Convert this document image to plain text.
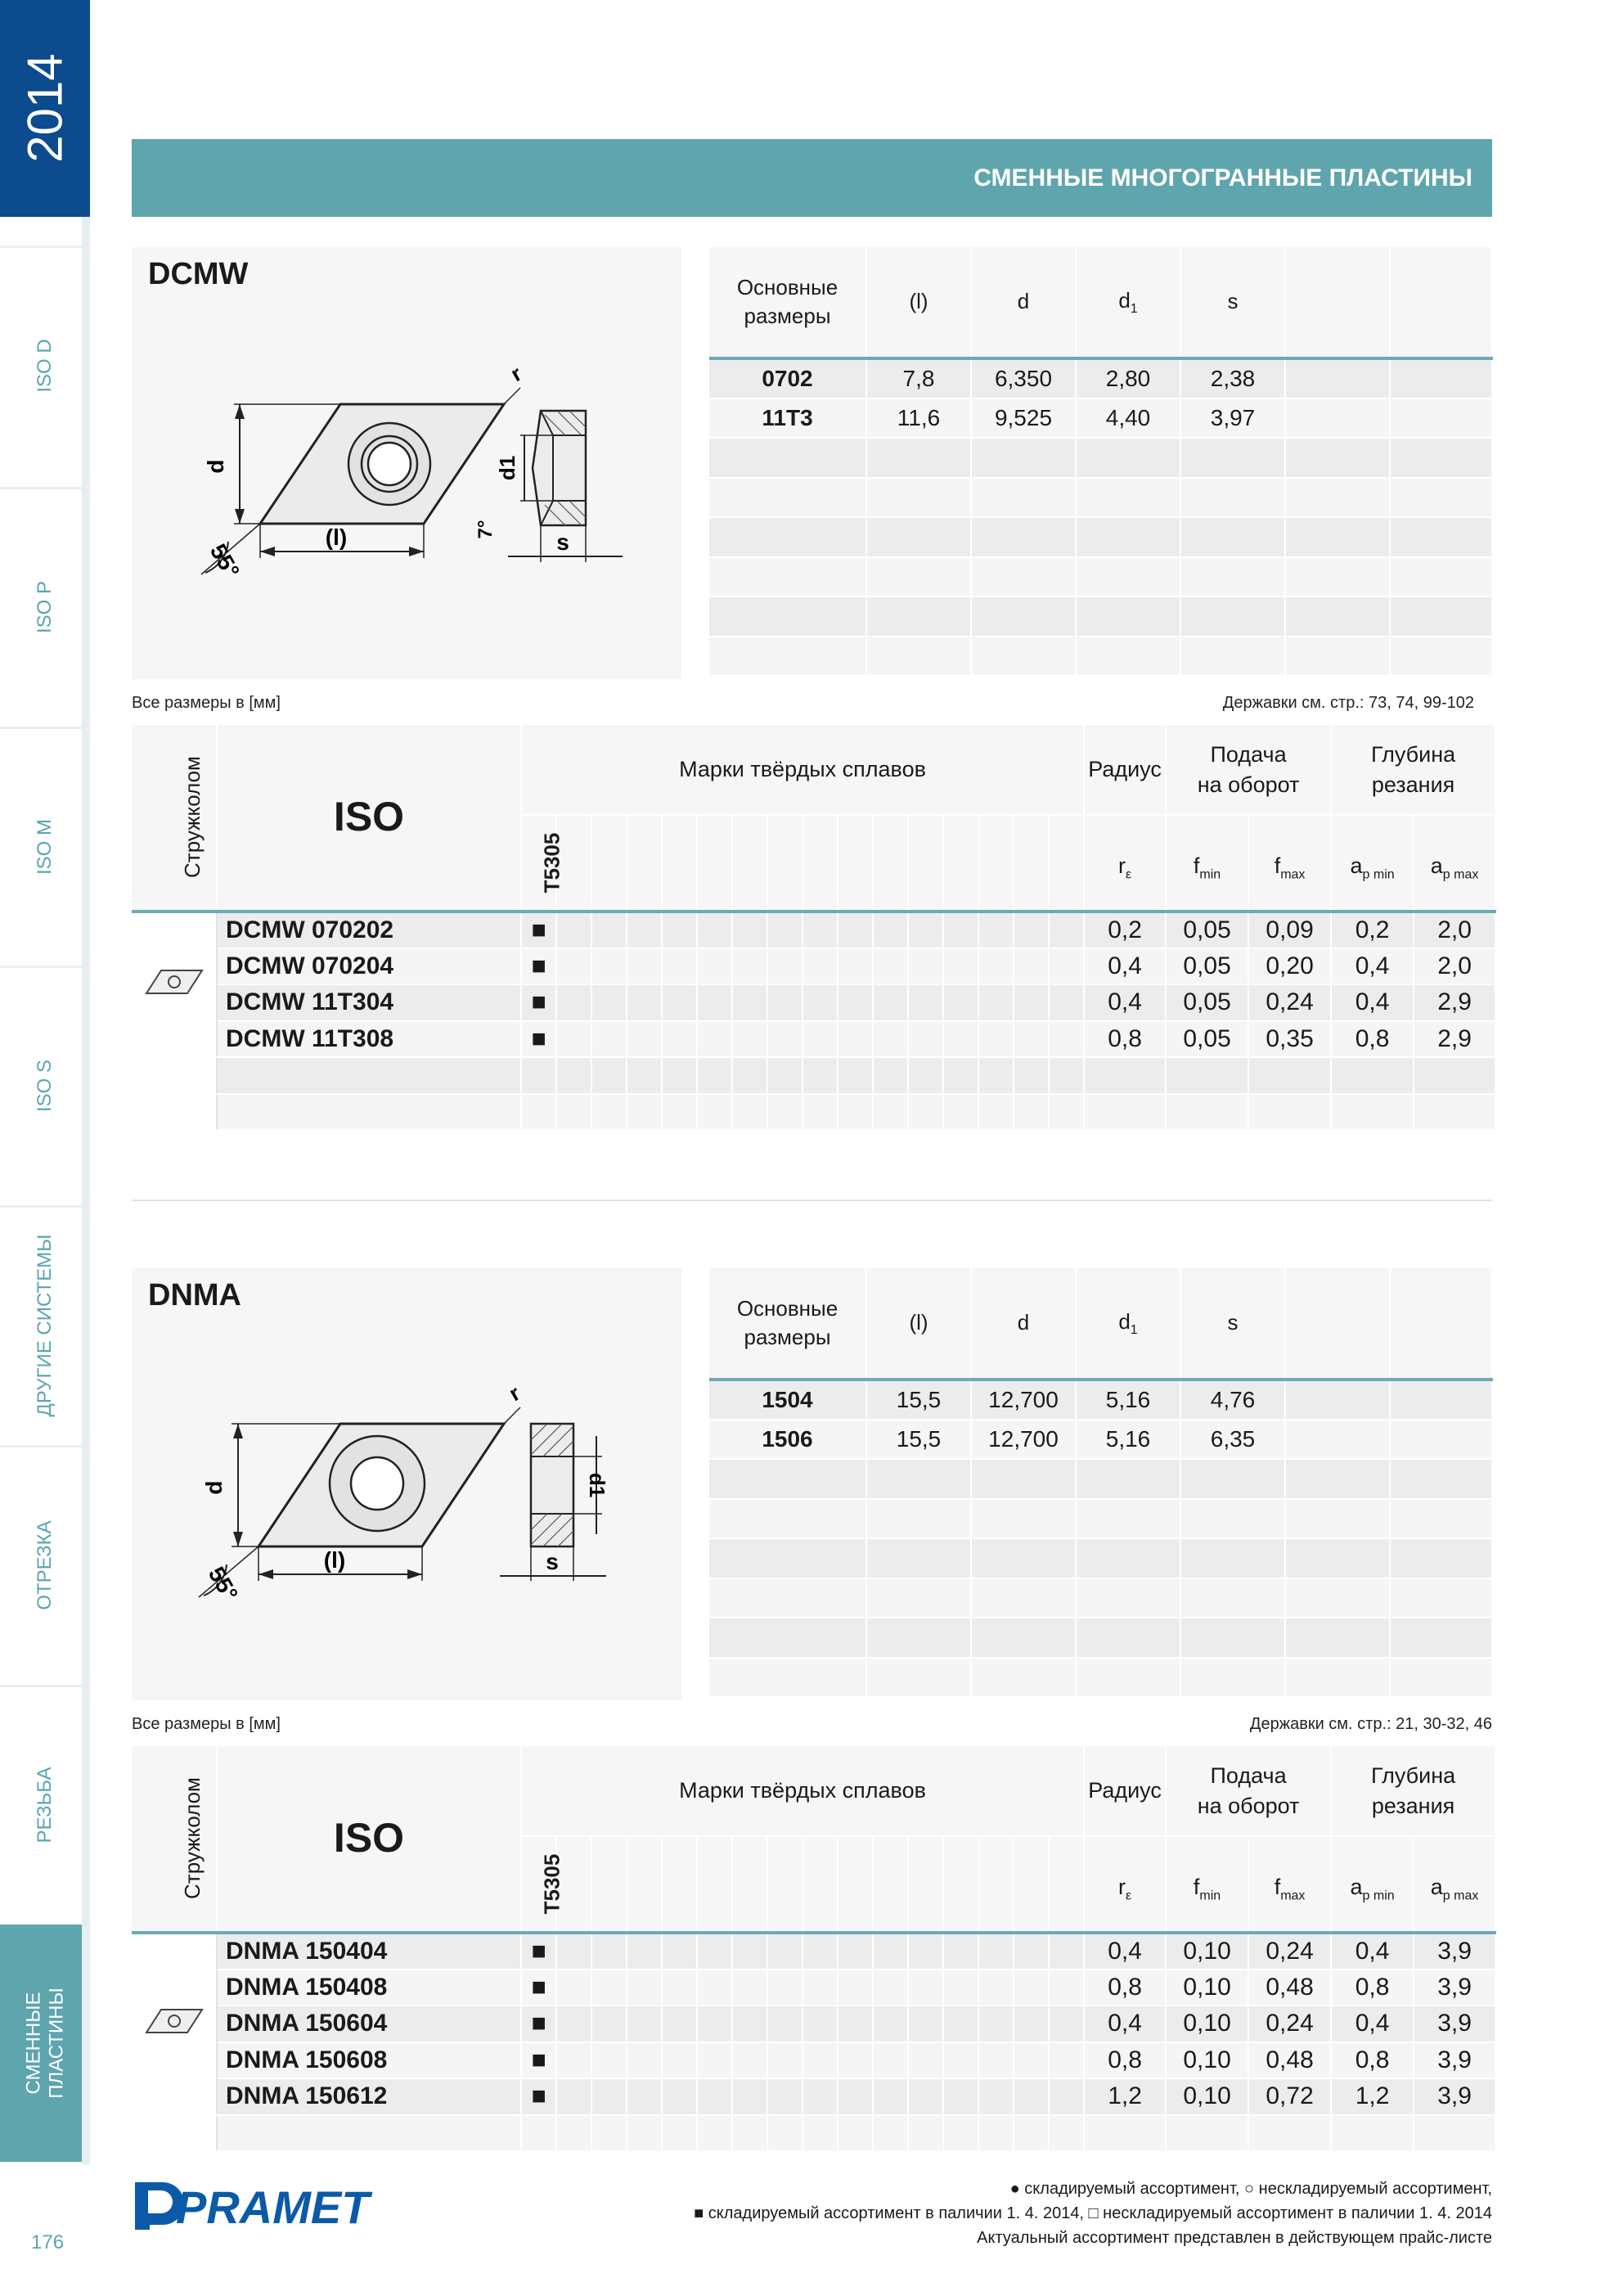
2014
ISO D
ISO P
ISO M
ISO S
ДРУГИЕ СИСТЕМЫ
ОТРЕЗКА
РЕЗЬБА
СМЕННЫЕ ПЛАСТИНЫ
176
СМЕННЫЕ МНОГОГРАННЫЕ ПЛАСТИНЫ
DCMW
d
(l)
55°
r
d1
7°	s
Основные размеры	(l)	d	$d_1$	s		
0702	7,8	6,350	2,80	2,38		
11T3	11,6	9,525	4,40	3,97		

Все размеры в [мм]	Державки см. стр.: 73, 74, 99-102
Стружколом	ISO	Марки твёрдых сплавов																Радиус	Подача на оборот		Глубина резания	
		T5305																$r_\varepsilon$	$f_{min}$	$f_{max}$	$a_{p min}$	$a_{p max}$
	DCMW 070202	■																0,2	0,05	0,09	0,2	2,0
	DCMW 070204	■																0,4	0,05	0,20	0,4	2,0
	DCMW 11T304	■																0,4	0,05	0,24	0,4	2,9
	DCMW 11T308	■																0,8	0,05	0,35	0,8	2,9

DNMA
d
(l)
55°
r
d1
s
Основные размеры	(l)	d	$d_1$	s		
1504	15,5	12,700	5,16	4,76		
1506	15,5	12,700	5,16	6,35		

Все размеры в [мм]	Державки см. стр.: 21, 30-32, 46
Стружколом	ISO	Марки твёрдых сплавов																Радиус	Подача на оборот		Глубина резания	
		T5305																$r_\varepsilon$	$f_{min}$	$f_{max}$	$a_{p min}$	$a_{p max}$
	DNMA 150404	■																0,4	0,10	0,24	0,4	3,9
	DNMA 150408	■																0,8	0,10	0,48	0,8	3,9
	DNMA 150604	■																0,4	0,10	0,24	0,4	3,9
	DNMA 150608	■																0,8	0,10	0,48	0,8	3,9
	DNMA 150612	■																1,2	0,10	0,72	1,2	3,9

PRAMET	● складируемый ассортимент, ○ нескладируемый ассортимент,
■ складируемый ассортимент в паличии 1. 4. 2014, □ нескладируемый ассортимент в паличии 1. 4. 2014
Актуальный ассортимент представлен в действующем прайс-листе
